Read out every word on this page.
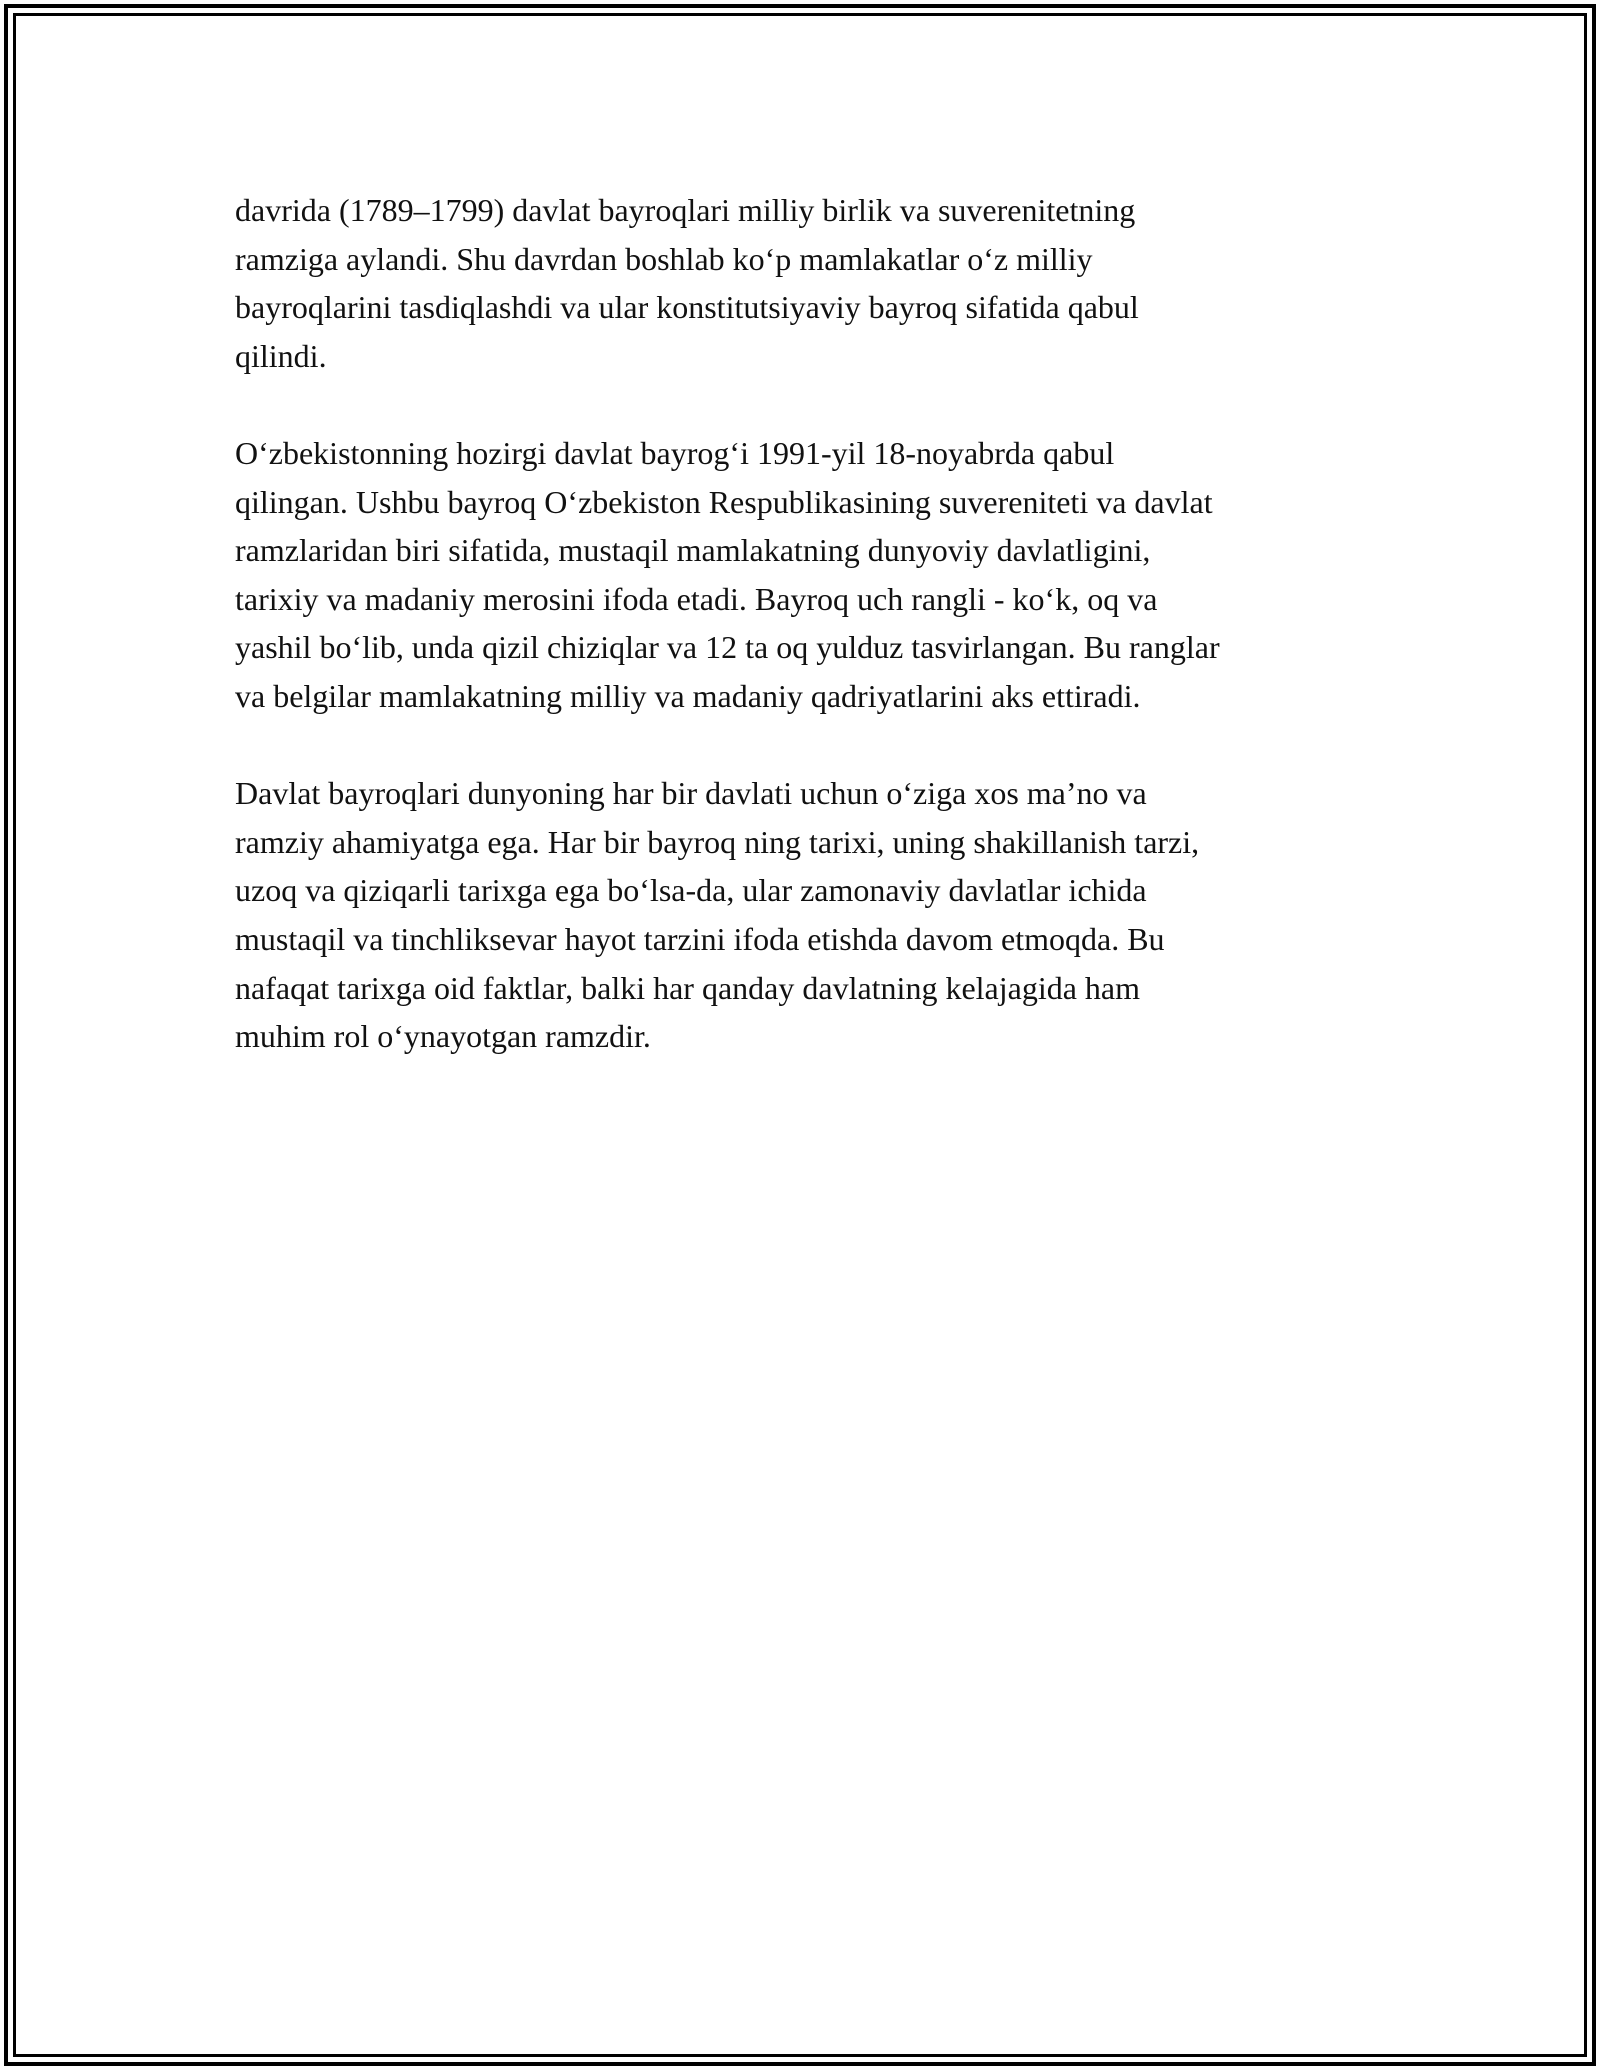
davrida (1789–1799) davlat bayroqlari milliy birlik va suverenitetning
ramziga aylandi. Shu davrdan boshlab ko‘p mamlakatlar o‘z milliy
bayroqlarini tasdiqlashdi va ular konstitutsiyaviy bayroq sifatida qabul
qilindi.

O‘zbekistonning hozirgi davlat bayrog‘i 1991-yil 18-noyabrda qabul
qilingan. Ushbu bayroq O‘zbekiston Respublikasining suvereniteti va davlat
ramzlaridan biri sifatida, mustaqil mamlakatning dunyoviy davlatligini,
tarixiy va madaniy merosini ifoda etadi. Bayroq uch rangli - ko‘k, oq va
yashil bo‘lib, unda qizil chiziqlar va 12 ta oq yulduz tasvirlangan. Bu ranglar
va belgilar mamlakatning milliy va madaniy qadriyatlarini aks ettiradi.

Davlat bayroqlari dunyoning har bir davlati uchun o‘ziga xos ma’no va
ramziy ahamiyatga ega. Har bir bayroq ning tarixi, uning shakillanish tarzi,
uzoq va qiziqarli tarixga ega bo‘lsa-da, ular zamonaviy davlatlar ichida
mustaqil va tinchliksevar hayot tarzini ifoda etishda davom etmoqda. Bu
nafaqat tarixga oid faktlar, balki har qanday davlatning kelajagida ham
muhim rol o‘ynayotgan ramzdir.
